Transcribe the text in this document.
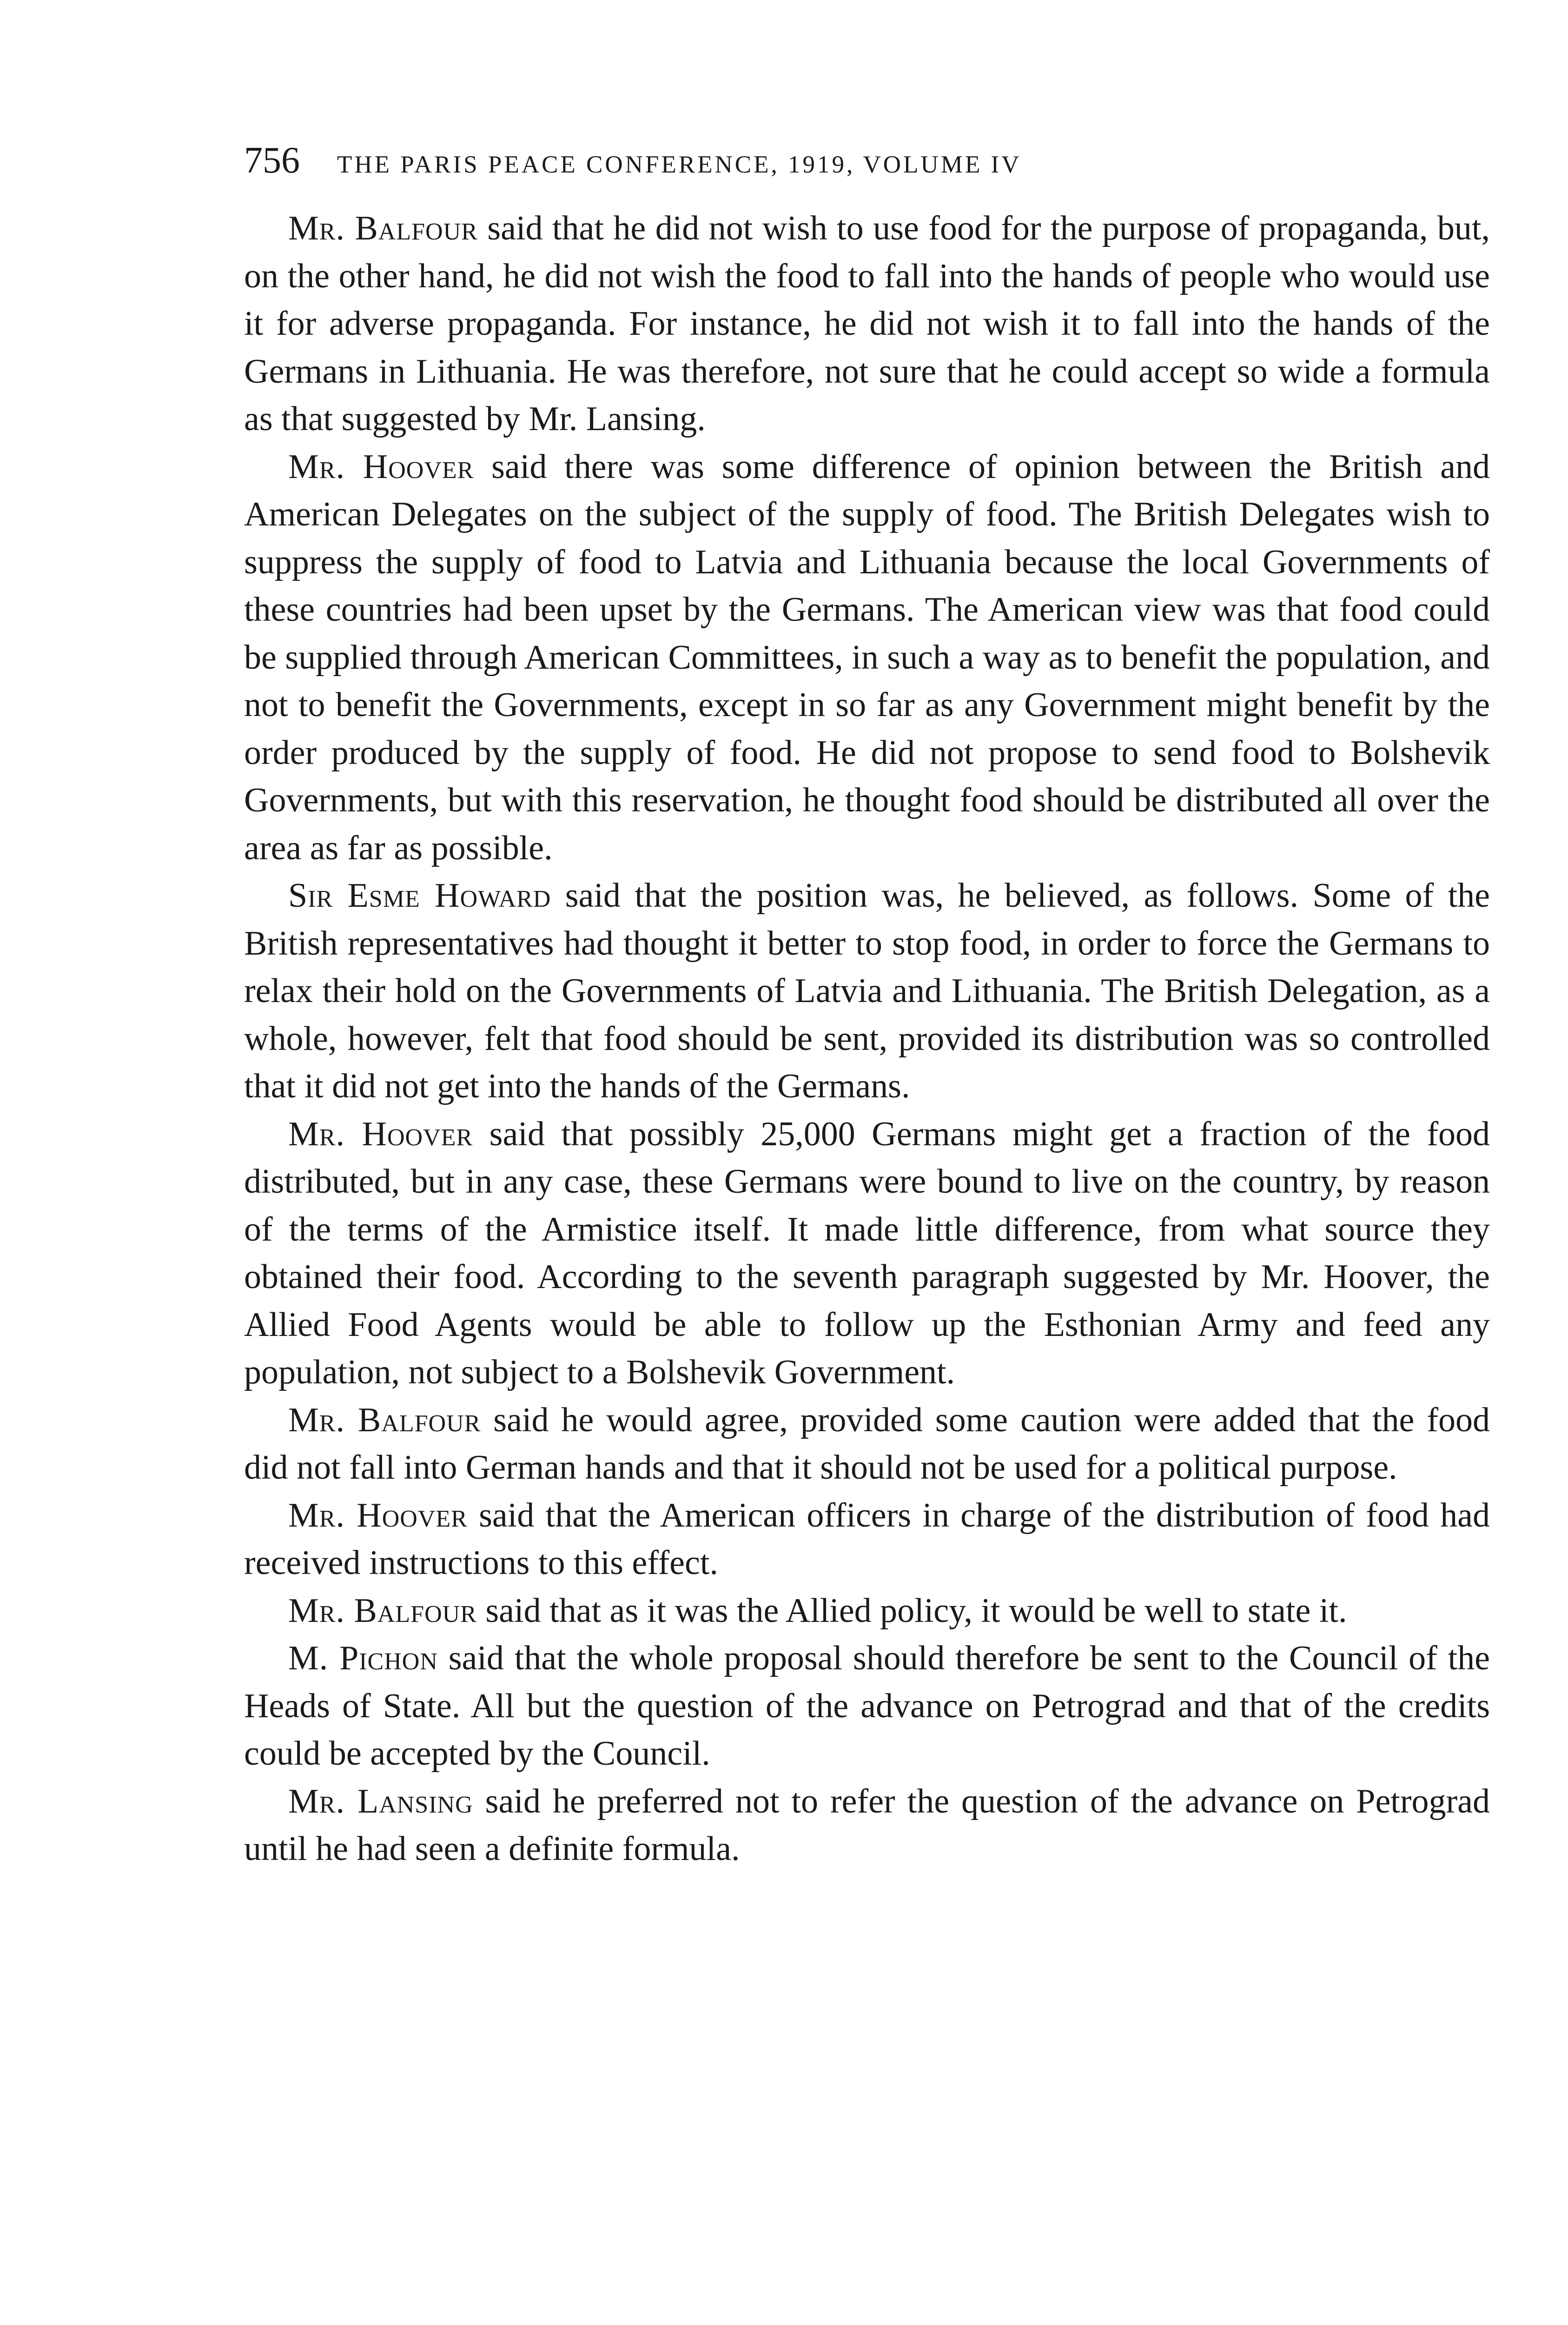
756 THE PARIS PEACE CONFERENCE, 1919, VOLUME IV

Mr. Balfour said that he did not wish to use food for the purpose of propaganda, but, on the other hand, he did not wish the food to fall into the hands of people who would use it for adverse propaganda. For instance, he did not wish it to fall into the hands of the Germans in Lithuania. He was therefore, not sure that he could accept so wide a formula as that suggested by Mr. Lansing.

Mr. Hoover said there was some difference of opinion between the British and American Delegates on the subject of the supply of food. The British Delegates wish to suppress the supply of food to Latvia and Lithuania because the local Governments of these countries had been upset by the Germans. The American view was that food could be supplied through American Committees, in such a way as to benefit the population, and not to benefit the Governments, except in so far as any Government might benefit by the order produced by the supply of food. He did not propose to send food to Bolshevik Governments, but with this reservation, he thought food should be distributed all over the area as far as possible.

Sir Esme Howard said that the position was, he believed, as follows. Some of the British representatives had thought it better to stop food, in order to force the Germans to relax their hold on the Governments of Latvia and Lithuania. The British Delegation, as a whole, however, felt that food should be sent, provided its distribution was so controlled that it did not get into the hands of the Germans.

Mr. Hoover said that possibly 25,000 Germans might get a fraction of the food distributed, but in any case, these Germans were bound to live on the country, by reason of the terms of the Armistice itself. It made little difference, from what source they obtained their food. According to the seventh paragraph suggested by Mr. Hoover, the Allied Food Agents would be able to follow up the Esthonian Army and feed any population, not subject to a Bolshevik Government.

Mr. Balfour said he would agree, provided some caution were added that the food did not fall into German hands and that it should not be used for a political purpose.

Mr. Hoover said that the American officers in charge of the distribution of food had received instructions to this effect.

Mr. Balfour said that as it was the Allied policy, it would be well to state it.

M. Pichon said that the whole proposal should therefore be sent to the Council of the Heads of State. All but the question of the advance on Petrograd and that of the credits could be accepted by the Council.

Mr. Lansing said he preferred not to refer the question of the advance on Petrograd until he had seen a definite formula.
